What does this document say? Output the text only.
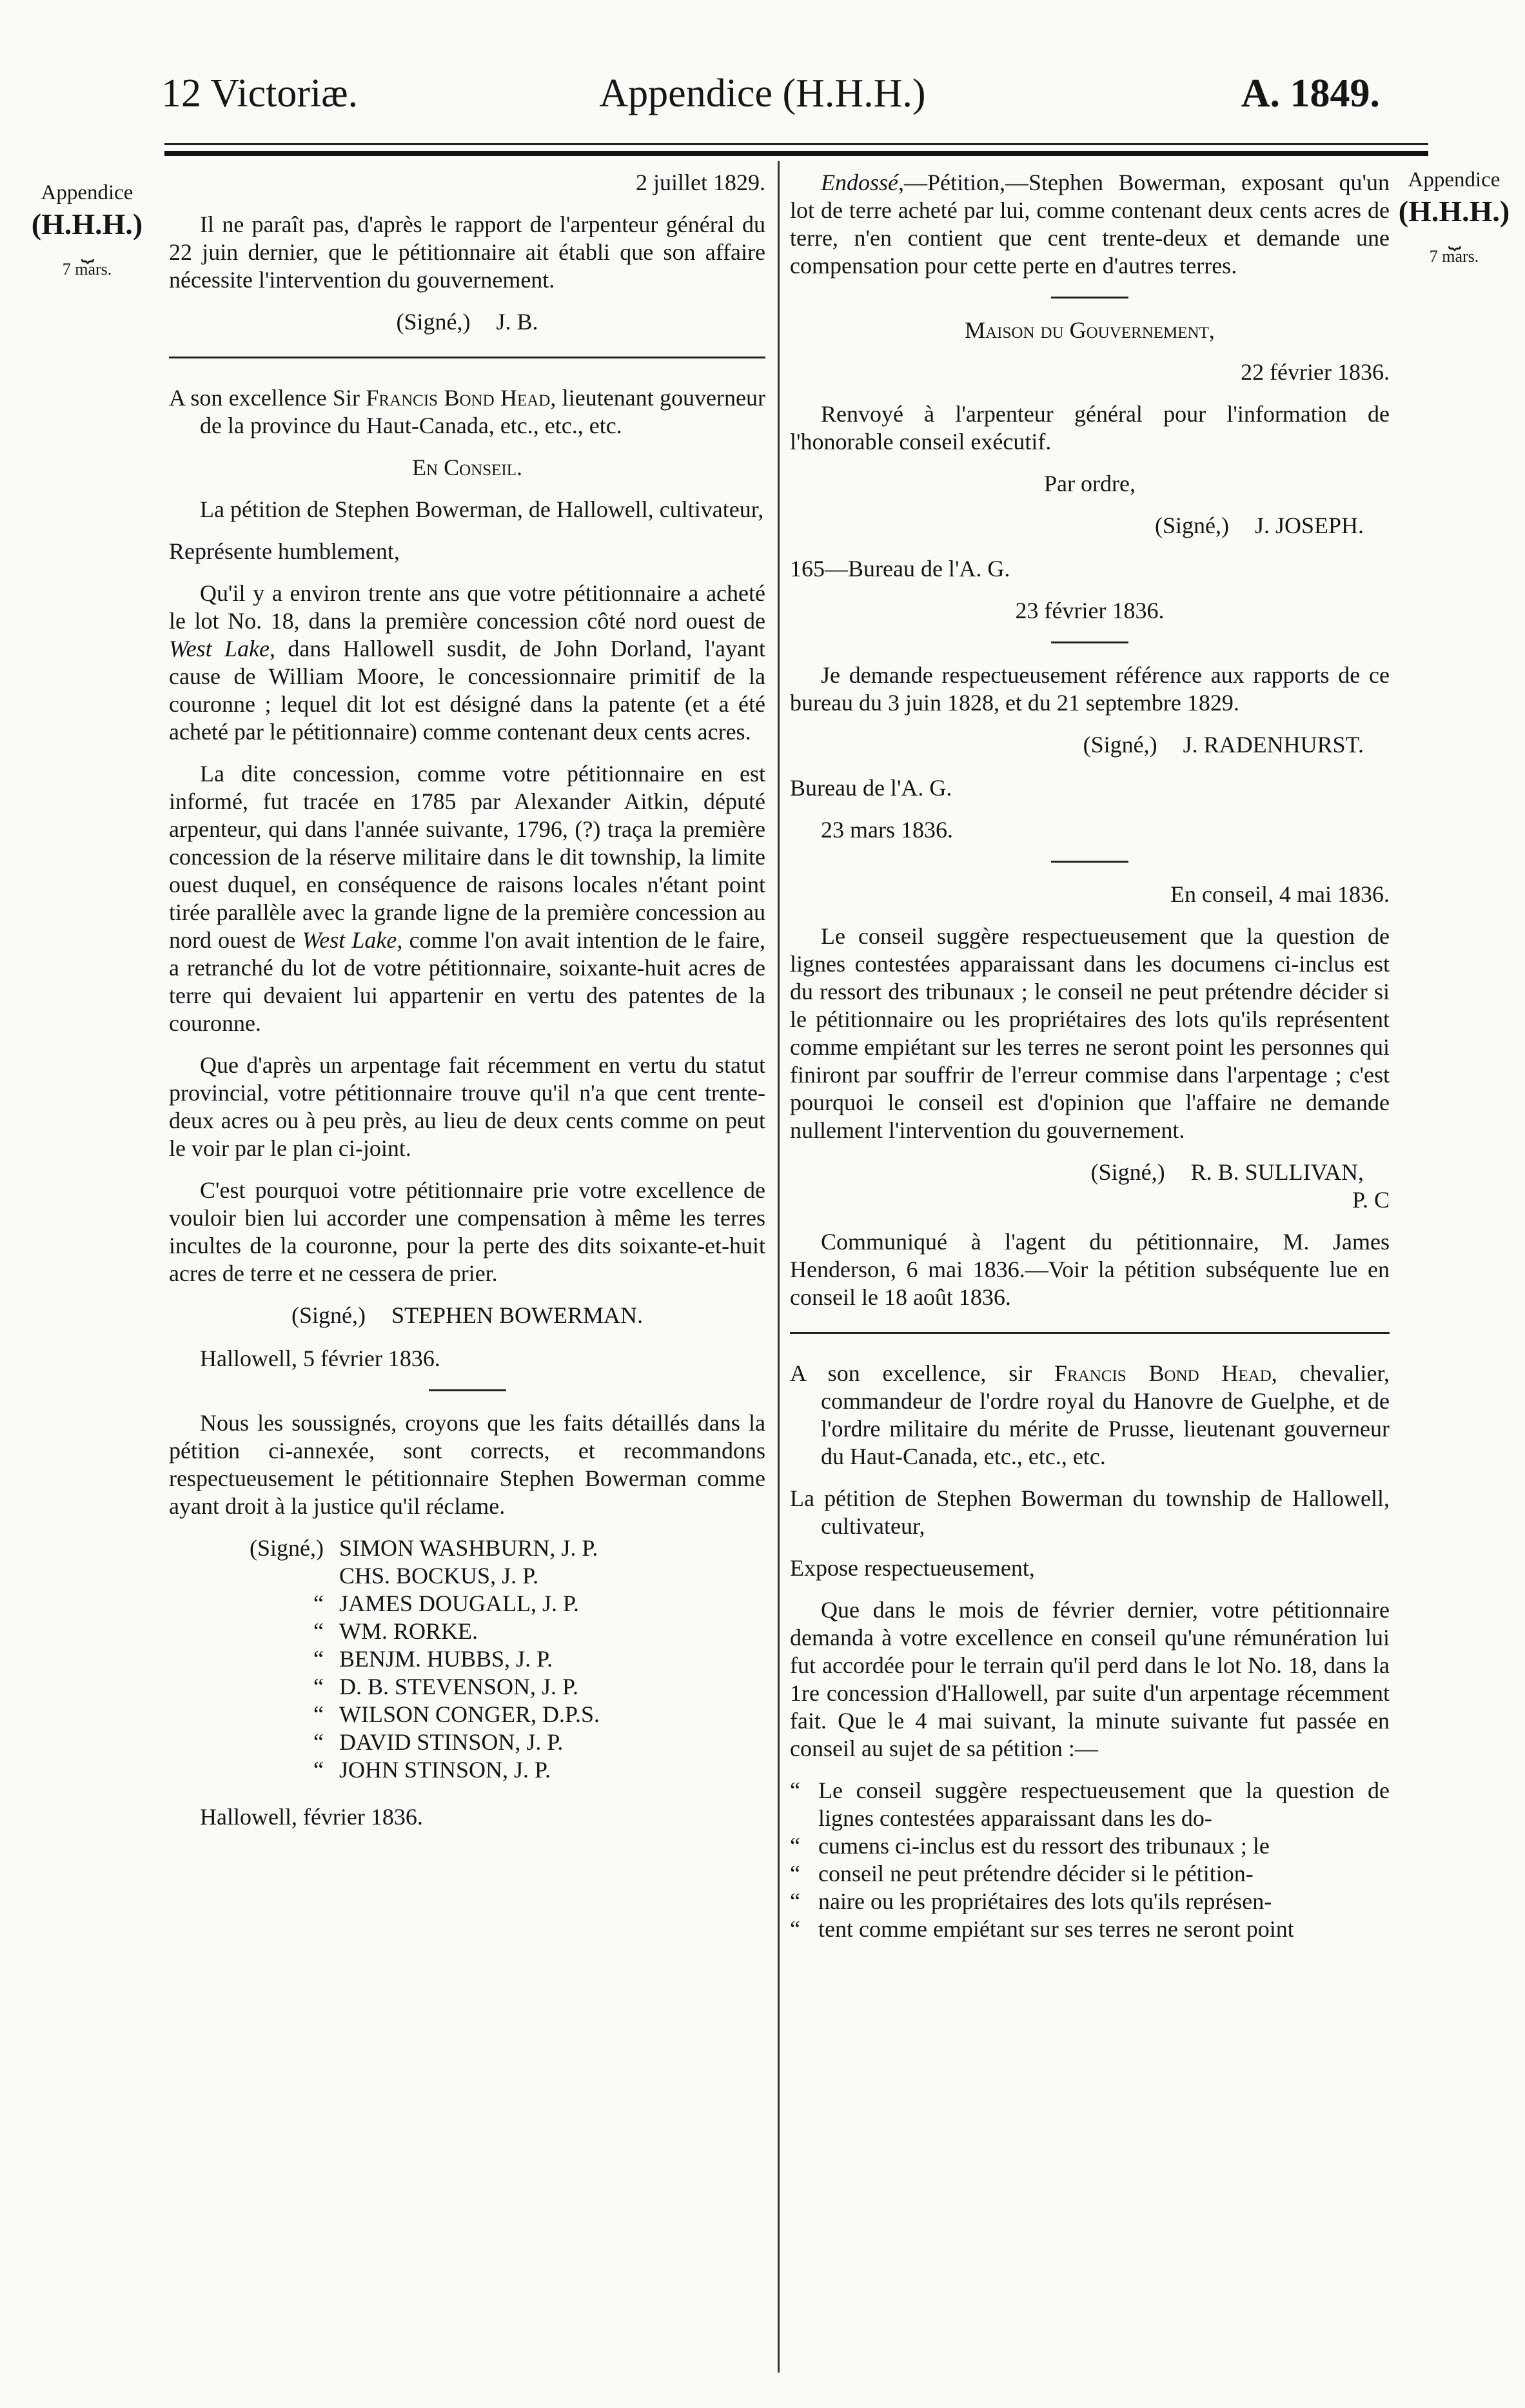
12 Victoriæ.	Appendice (H.H.H.)	A. 1849.
Appendice
(H.H.H.)
⏟
7 mars.
Appendice
(H.H.H.)
⏟
7 mars.

2 juillet 1829.

Il ne paraît pas, d'après le rapport de l'arpenteur général du 22 juin dernier, que le pétitionnaire ait établi que son affaire nécessite l'intervention du gouvernement.

(Signé,) J. B.

A son excellence Sir Francis Bond Head, lieutenant gouverneur de la province du Haut-Canada, etc., etc., etc.

En Conseil.

La pétition de Stephen Bowerman, de Hallowell, cultivateur,

Représente humblement,

Qu'il y a environ trente ans que votre pétitionnaire a acheté le lot No. 18, dans la première concession côté nord ouest de West Lake, dans Hallowell susdit, de John Dorland, l'ayant cause de William Moore, le concessionnaire primitif de la couronne ; lequel dit lot est désigné dans la patente (et a été acheté par le pétitionnaire) comme contenant deux cents acres.

La dite concession, comme votre pétitionnaire en est informé, fut tracée en 1785 par Alexander Aitkin, député arpenteur, qui dans l'année suivante, 1796, (?) traça la première concession de la réserve militaire dans le dit township, la limite ouest duquel, en conséquence de raisons locales n'étant point tirée parallèle avec la grande ligne de la première concession au nord ouest de West Lake, comme l'on avait intention de le faire, a retranché du lot de votre pétitionnaire, soixante-huit acres de terre qui devaient lui appartenir en vertu des patentes de la couronne.

Que d'après un arpentage fait récemment en vertu du statut provincial, votre pétitionnaire trouve qu'il n'a que cent trente-deux acres ou à peu près, au lieu de deux cents comme on peut le voir par le plan ci-joint.

C'est pourquoi votre pétitionnaire prie votre excellence de vouloir bien lui accorder une compensation à même les terres incultes de la couronne, pour la perte des dits soixante-et-huit acres de terre et ne cessera de prier.

(Signé,) STEPHEN BOWERMAN.

Hallowell, 5 février 1836.

Nous les soussignés, croyons que les faits détaillés dans la pétition ci-annexée, sont corrects, et recommandons respectueusement le pétitionnaire Stephen Bowerman comme ayant droit à la justice qu'il réclame.

(Signé,) SIMON WASHBURN, J. P.
CHS. BOCKUS, J. P.
“ JAMES DOUGALL, J. P.
“ WM. RORKE.
“ BENJM. HUBBS, J. P.
“ D. B. STEVENSON, J. P.
“ WILSON CONGER, D.P.S.
“ DAVID STINSON, J. P.
“ JOHN STINSON, J. P.

Hallowell, février 1836.

Endossé,—Pétition,—Stephen Bowerman, exposant qu'un lot de terre acheté par lui, comme contenant deux cents acres de terre, n'en contient que cent trente-deux et demande une compensation pour cette perte en d'autres terres.

Maison du Gouvernement,

22 février 1836.

Renvoyé à l'arpenteur général pour l'information de l'honorable conseil exécutif.

Par ordre,

(Signé,) J. JOSEPH.

165—Bureau de l'A. G.

23 février 1836.

Je demande respectueusement référence aux rapports de ce bureau du 3 juin 1828, et du 21 septembre 1829.

(Signé,) J. RADENHURST.

Bureau de l'A. G.

23 mars 1836.

En conseil, 4 mai 1836.

Le conseil suggère respectueusement que la question de lignes contestées apparaissant dans les documens ci-inclus est du ressort des tribunaux ; le conseil ne peut prétendre décider si le pétitionnaire ou les propriétaires des lots qu'ils représentent comme empiétant sur les terres ne seront point les personnes qui finiront par souffrir de l'erreur commise dans l'arpentage ; c'est pourquoi le conseil est d'opinion que l'affaire ne demande nullement l'intervention du gouvernement.

(Signé,) R. B. SULLIVAN,

P. C

Communiqué à l'agent du pétitionnaire, M. James Henderson, 6 mai 1836.—Voir la pétition subséquente lue en conseil le 18 août 1836.

A son excellence, sir Francis Bond Head, chevalier, commandeur de l'ordre royal du Hanovre de Guelphe, et de l'ordre militaire du mérite de Prusse, lieutenant gouverneur du Haut-Canada, etc., etc., etc.

La pétition de Stephen Bowerman du township de Hallowell, cultivateur,

Expose respectueusement,

Que dans le mois de février dernier, votre pétitionnaire demanda à votre excellence en conseil qu'une rémunération lui fut accordée pour le terrain qu'il perd dans le lot No. 18, dans la 1re concession d'Hallowell, par suite d'un arpentage récemment fait. Que le 4 mai suivant, la minute suivante fut passée en conseil au sujet de sa pétition :—

“ Le conseil suggère respectueusement que la question de lignes contestées apparaissant dans les do-
“ cumens ci-inclus est du ressort des tribunaux ; le
“ conseil ne peut prétendre décider si le pétition-
“ naire ou les propriétaires des lots qu'ils représen-
“ tent comme empiétant sur ses terres ne seront point
